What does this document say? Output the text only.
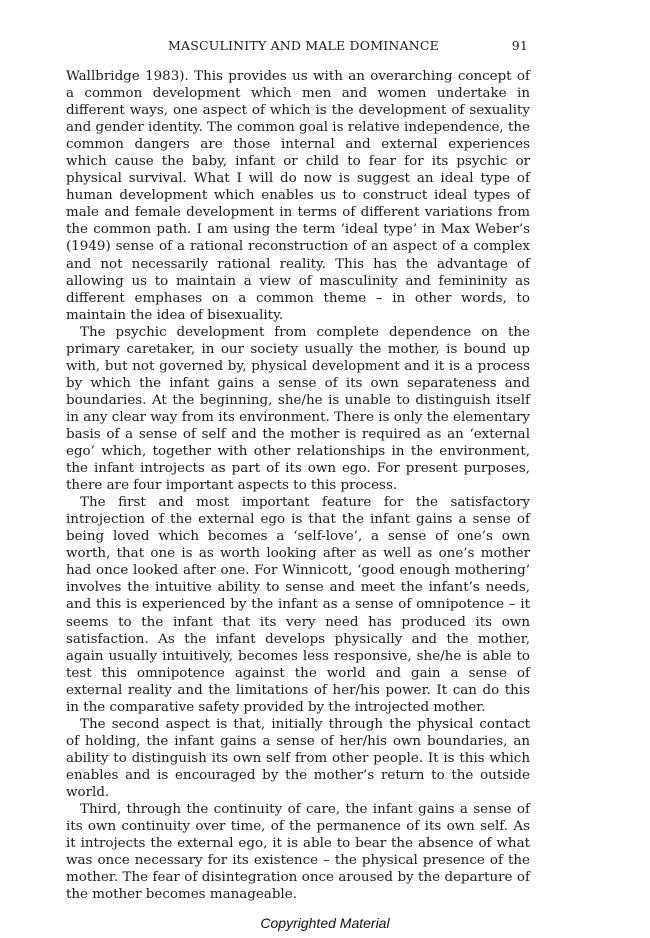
MASCULINITY AND MALE DOMINANCE	91

Wallbridge 1983). This provides us with an overarching concept of a common development which men and women undertake in different ways, one aspect of which is the development of sexuality and gender identity. The common goal is relative independence, the common dangers are those internal and external experiences which cause the baby, infant or child to fear for its psychic or physical survival. What I will do now is suggest an ideal type of human development which enables us to construct ideal types of male and female development in terms of different variations from the common path. I am using the term ‘ideal type’ in Max Weber’s (1949) sense of a rational reconstruction of an aspect of a complex and not necessarily rational reality. This has the advantage of allowing us to maintain a view of masculinity and femininity as different emphases on a common theme – in other words, to maintain the idea of bisexuality.

The psychic development from complete dependence on the primary caretaker, in our society usually the mother, is bound up with, but not governed by, physical development and it is a process by which the infant gains a sense of its own separateness and boundaries. At the beginning, she/he is unable to distinguish itself in any clear way from its environment. There is only the elementary basis of a sense of self and the mother is required as an ‘external ego’ which, together with other relationships in the environment, the infant introjects as part of its own ego. For present purposes, there are four important aspects to this process.

The first and most important feature for the satisfactory introjection of the external ego is that the infant gains a sense of being loved which becomes a ‘self-love’, a sense of one’s own worth, that one is as worth looking after as well as one’s mother had once looked after one. For Winnicott, ‘good enough mothering’ involves the intuitive ability to sense and meet the infant’s needs, and this is experienced by the infant as a sense of omnipotence – it seems to the infant that its very need has produced its own satisfaction. As the infant develops physically and the mother, again usually intuitively, becomes less responsive, she/he is able to test this omnipotence against the world and gain a sense of external reality and the limitations of her/his power. It can do this in the comparative safety provided by the introjected mother.

The second aspect is that, initially through the physical contact of holding, the infant gains a sense of her/his own boundaries, an ability to distinguish its own self from other people. It is this which enables and is encouraged by the mother’s return to the outside world.

Third, through the continuity of care, the infant gains a sense of its own continuity over time, of the permanence of its own self. As it introjects the external ego, it is able to bear the absence of what was once necessary for its existence – the physical presence of the mother. The fear of disintegration once aroused by the departure of the mother becomes manageable.

Copyrighted Material
